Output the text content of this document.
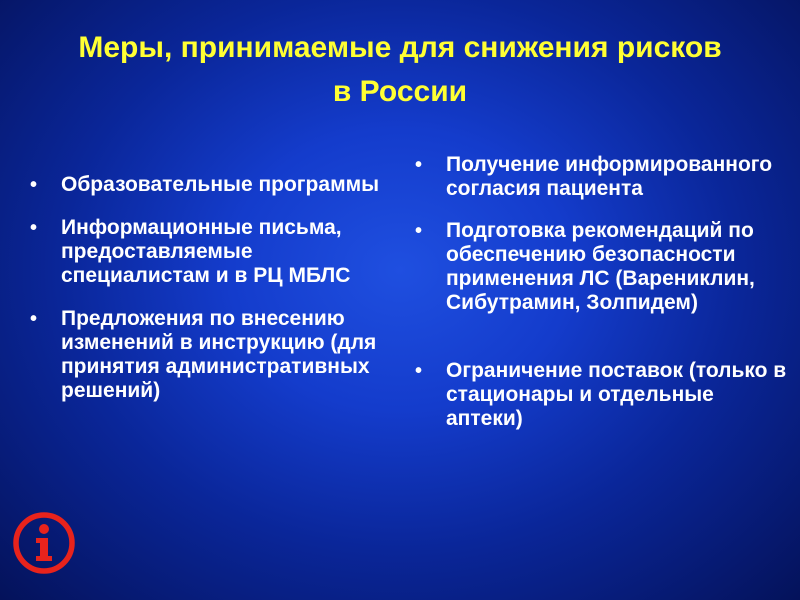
Меры, принимаемые для снижения рисков
в России
• Образовательные программы
• Информационные письма, предоставляемые специалистам и в РЦ МБЛС
• Предложения по внесению изменений в инструкцию (для принятия административных решений)
• Получение информированного согласия пациента
• Подготовка рекомендаций по обеспечению безопасности применения ЛС (Варениклин, Сибутрамин, Золпидем)
• Ограничение поставок (только в стационары и отдельные аптеки)
